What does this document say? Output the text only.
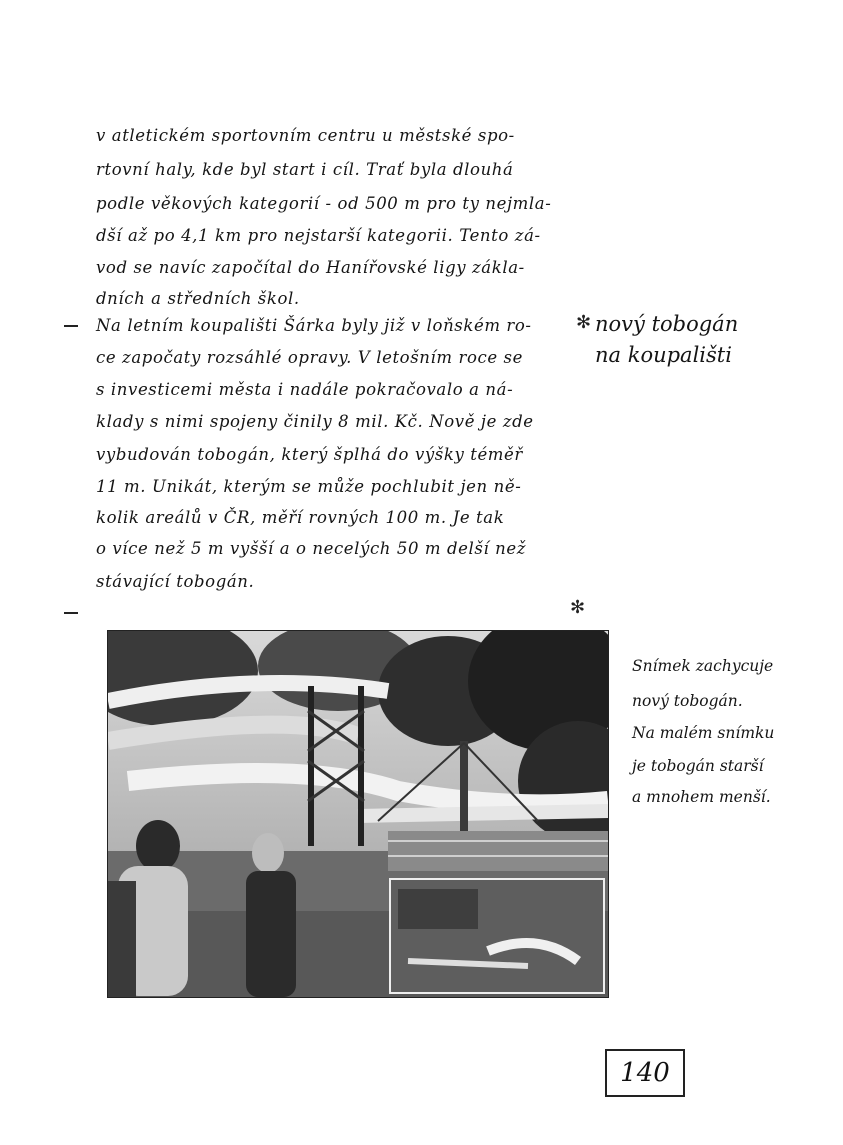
v atletickém sportovním centru u městské spo-
rtovní haly, kde byl start i cíl. Trať byla dlouhá
podle věkových kategorií - od 500 m pro ty nejmla-
dší až po 4,1 km pro nejstarší kategorii. Tento zá-
vod se navíc započítal do Hanířovské ligy zákla-
dních a středních škol.
Na letním koupališti Šárka byly již v loňském ro-
ce započaty rozsáhlé opravy. V letošním roce se
s investicemi města i nadále pokračovalo a ná-
klady s nimi spojeny činily 8 mil. Kč. Nově je zde
vybudován tobogán, který šplhá do výšky téměř
11 m. Unikát, kterým se může pochlubit jen ně-
kolik areálů v ČR, měří rovných 100 m. Je tak
o více než 5 m vyšší a o necelých 50 m delší než
stávající tobogán.
✻ nový tobogán
na koupališti
✻
Snímek zachycuje
nový tobogán.
Na malém snímku
je tobogán starší
a mnohem menší.
140
